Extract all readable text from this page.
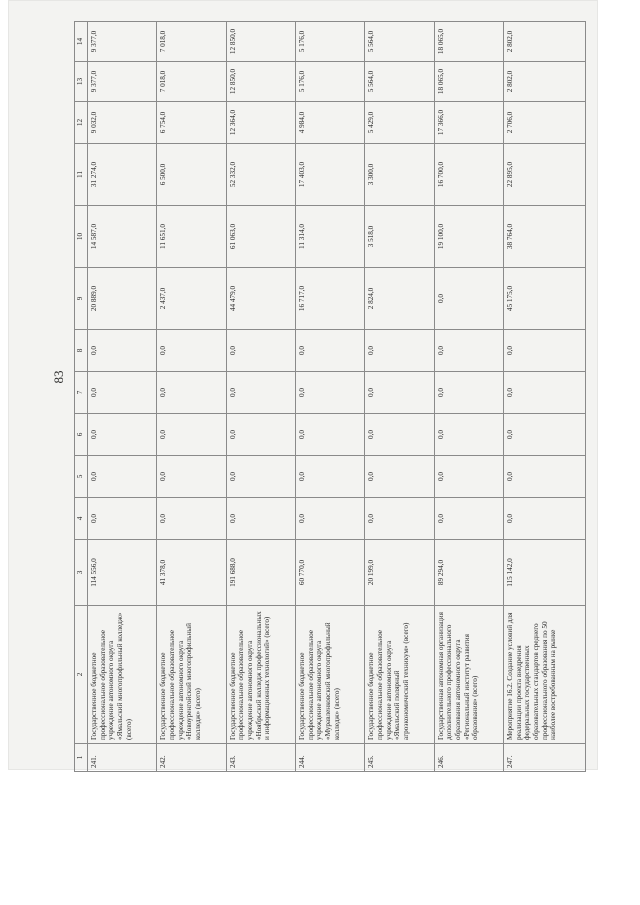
83
1	2	3	4	5	6	7	8	9	10	11	12	13	14
241.	Государственное бюджетное профессиональное образовательное учреждение автономного округа «Ямальский многопрофильный колледж» (всего)	114 556,0	0,0	0,0	0,0	0,0	0,0	20 889,0	14 587,0	31 274,0	9 032,0	9 377,0	9 377,0
242.	Государственное бюджетное профессиональное образовательное учреждение автономного округа «Новоуренгойский многопрофильный колледж» (всего)	41 378,0	0,0	0,0	0,0	0,0	0,0	2 437,0	11 651,0	6 500,0	6 754,0	7 018,0	7 018,0
243.	Государственное бюджетное профессиональное образовательное учреждение автономного округа «Ноябрьский колледж профессиональных и информационных технологий» (всего)	191 688,0	0,0	0,0	0,0	0,0	0,0	44 479,0	61 063,0	52 332,0	12 364,0	12 850,0	12 850,0
244.	Государственное бюджетное профессиональное образовательное учреждение автономного округа «Муравленковский многопрофильный колледж» (всего)	60 770,0	0,0	0,0	0,0	0,0	0,0	16 717,0	11 314,0	17 403,0	4 984,0	5 176,0	5 176,0
245.	Государственное бюджетное профессиональное образовательное учреждение автономного округа «Ямальский полярный агроэкономический техникум» (всего)	20 199,0	0,0	0,0	0,0	0,0	0,0	2 824,0	3 518,0	3 300,0	5 429,0	5 564,0	5 564,0
246.	Государственная автономная организация дополнительного профессионального образования автономного округа «Региональный институт развития образования» (всего)	89 294,0	0,0	0,0	0,0	0,0	0,0	0,0	19 100,0	16 700,0	17 366,0	18 065,0	18 065,0
247.	Мероприятие 16.2. Создание условий для реализации проекта внедрения федеральных государственных образовательных стандартов среднего профессионального образования по 50 наиболее востребованным на рынке	115 142,0	0,0	0,0	0,0	0,0	0,0	45 175,0	38 764,0	22 895,0	2 706,0	2 802,0	2 802,0
